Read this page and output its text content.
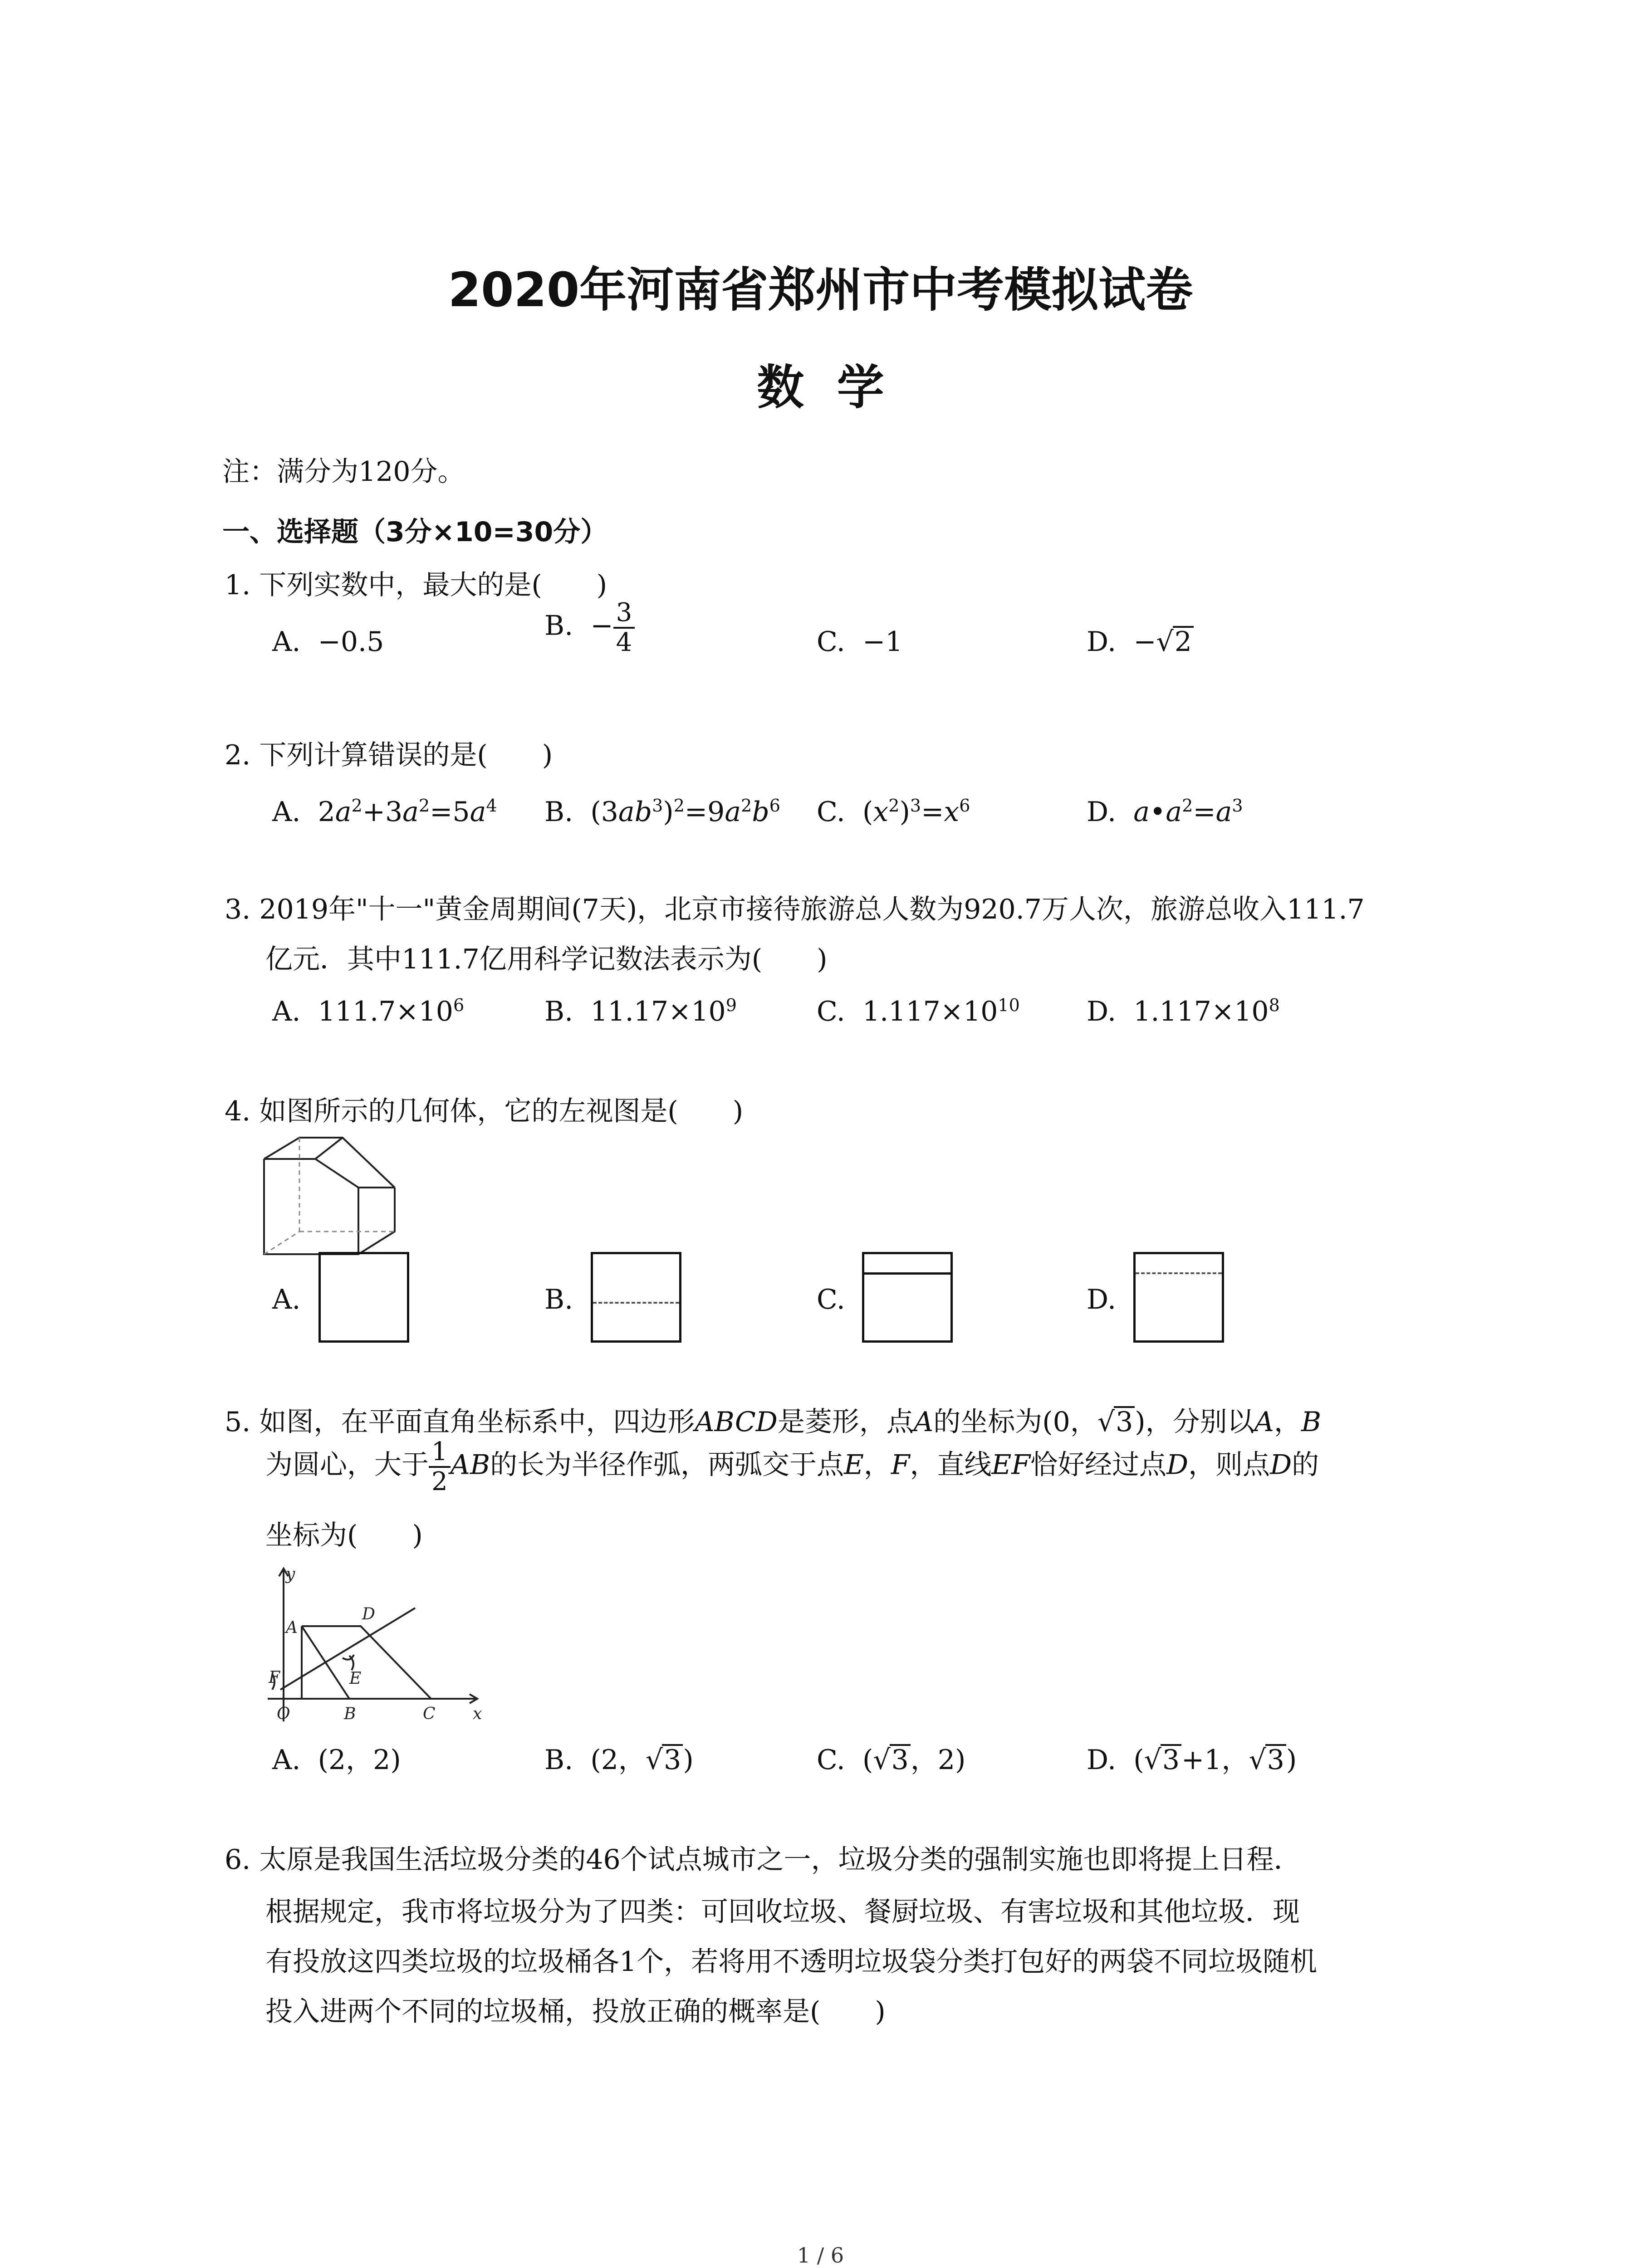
2020年河南省郑州市中考模拟试卷
数  学
注：满分为120分。
一、选择题（3分×10=30分）
1. 下列实数中，最大的是(　　)
A. −0.5
B. − $\frac{3}{4}$	C. −1	D. −√2
2. 下列计算错误的是(　　)
A. $2a^2+3a^2=5a^4$ B. $(3ab^3)^2=9a^2b^6$ C. $(x^2)^3=x^6$	D. $a•a^2=a^3$
3. 2019年"十一"黄金周期间(7天)，北京市接待旅游总人数为920.7万人次，旅游总收入111.7
亿元．其中111.7亿用科学记数法表示为(　　)
A. $111.7\times 10^6$	B. $11.17\times 10^9$	C. $1.117\times 10^{10}$ D. $1.117\times 10^8$
4. 如图所示的几何体，它的左视图是(　　)
A.	B.	C.	D.
5. 如图，在平面直角坐标系中，四边形ABCD是菱形，点A的坐标为(0，√3)，分别以A，B
为圆心，大于 $\frac{1}{2}$ AB的长为半径作弧，两弧交于点E，F，直线EF恰好经过点D，则点D的
坐标为(　　)
y
x
A
B	C
D
E
F
O
A. (2，2)	B. (2，√3)	C. (√3，2)	D. (√3+1，√3)
6. 太原是我国生活垃圾分类的46个试点城市之一，垃圾分类的强制实施也即将提上日程．
根据规定，我市将垃圾分为了四类：可回收垃圾、餐厨垃圾、有害垃圾和其他垃圾．现
有投放这四类垃圾的垃圾桶各1个，若将用不透明垃圾袋分类打包好的两袋不同垃圾随机
投入进两个不同的垃圾桶，投放正确的概率是(　　)
1 / 6
